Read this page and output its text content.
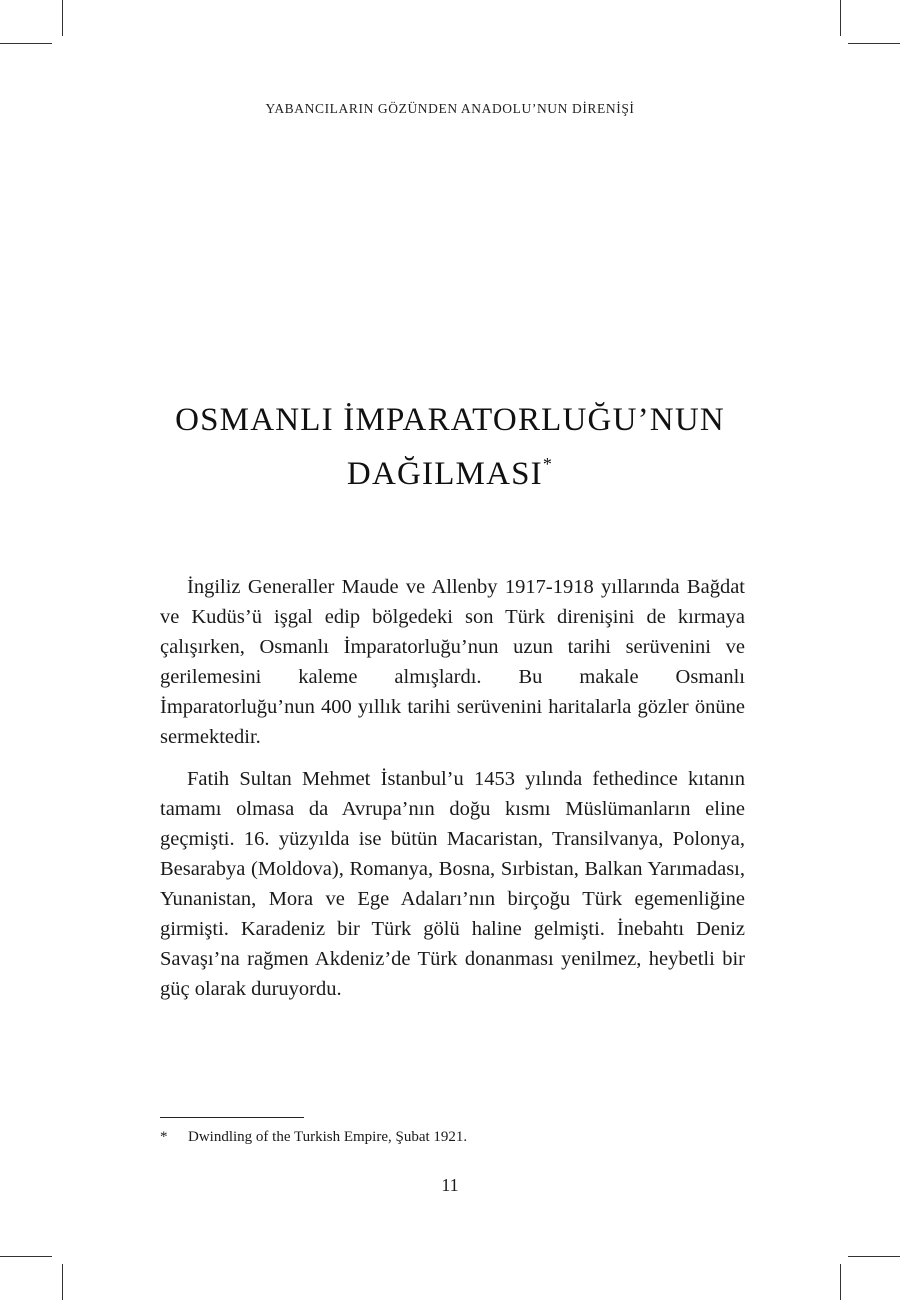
YABANCILARIN GÖZÜNDEN ANADOLU’NUN DİRENİŞİ
OSMANLI İMPARATORLUĞU’NUN
DAĞILMASI*

İngiliz Generaller Maude ve Allenby 1917-1918 yıllarında Bağdat ve Kudüs’ü işgal edip bölgedeki son Türk direnişini de kırmaya çalışırken, Osmanlı İmparatorluğu’nun uzun tarihi serüvenini ve gerilemesini kaleme almışlardı. Bu makale Osmanlı İmparatorluğu’nun 400 yıllık tarihi serüvenini haritalarla gözler önüne sermektedir.

Fatih Sultan Mehmet İstanbul’u 1453 yılında fethedince kıtanın tamamı olmasa da Avrupa’nın doğu kısmı Müslümanların eline geçmişti. 16. yüzyılda ise bütün Macaristan, Transilvanya, Polonya, Besarabya (Moldova), Romanya, Bosna, Sırbistan, Balkan Yarımadası, Yunanistan, Mora ve Ege Adaları’nın birçoğu Türk egemenliğine girmişti. Karadeniz bir Türk gölü haline gelmişti. İnebahtı Deniz Savaşı’na rağmen Akdeniz’de Türk donanması yenilmez, heybetli bir güç olarak duruyordu.

* Dwindling of the Turkish Empire, Şubat 1921.
11
